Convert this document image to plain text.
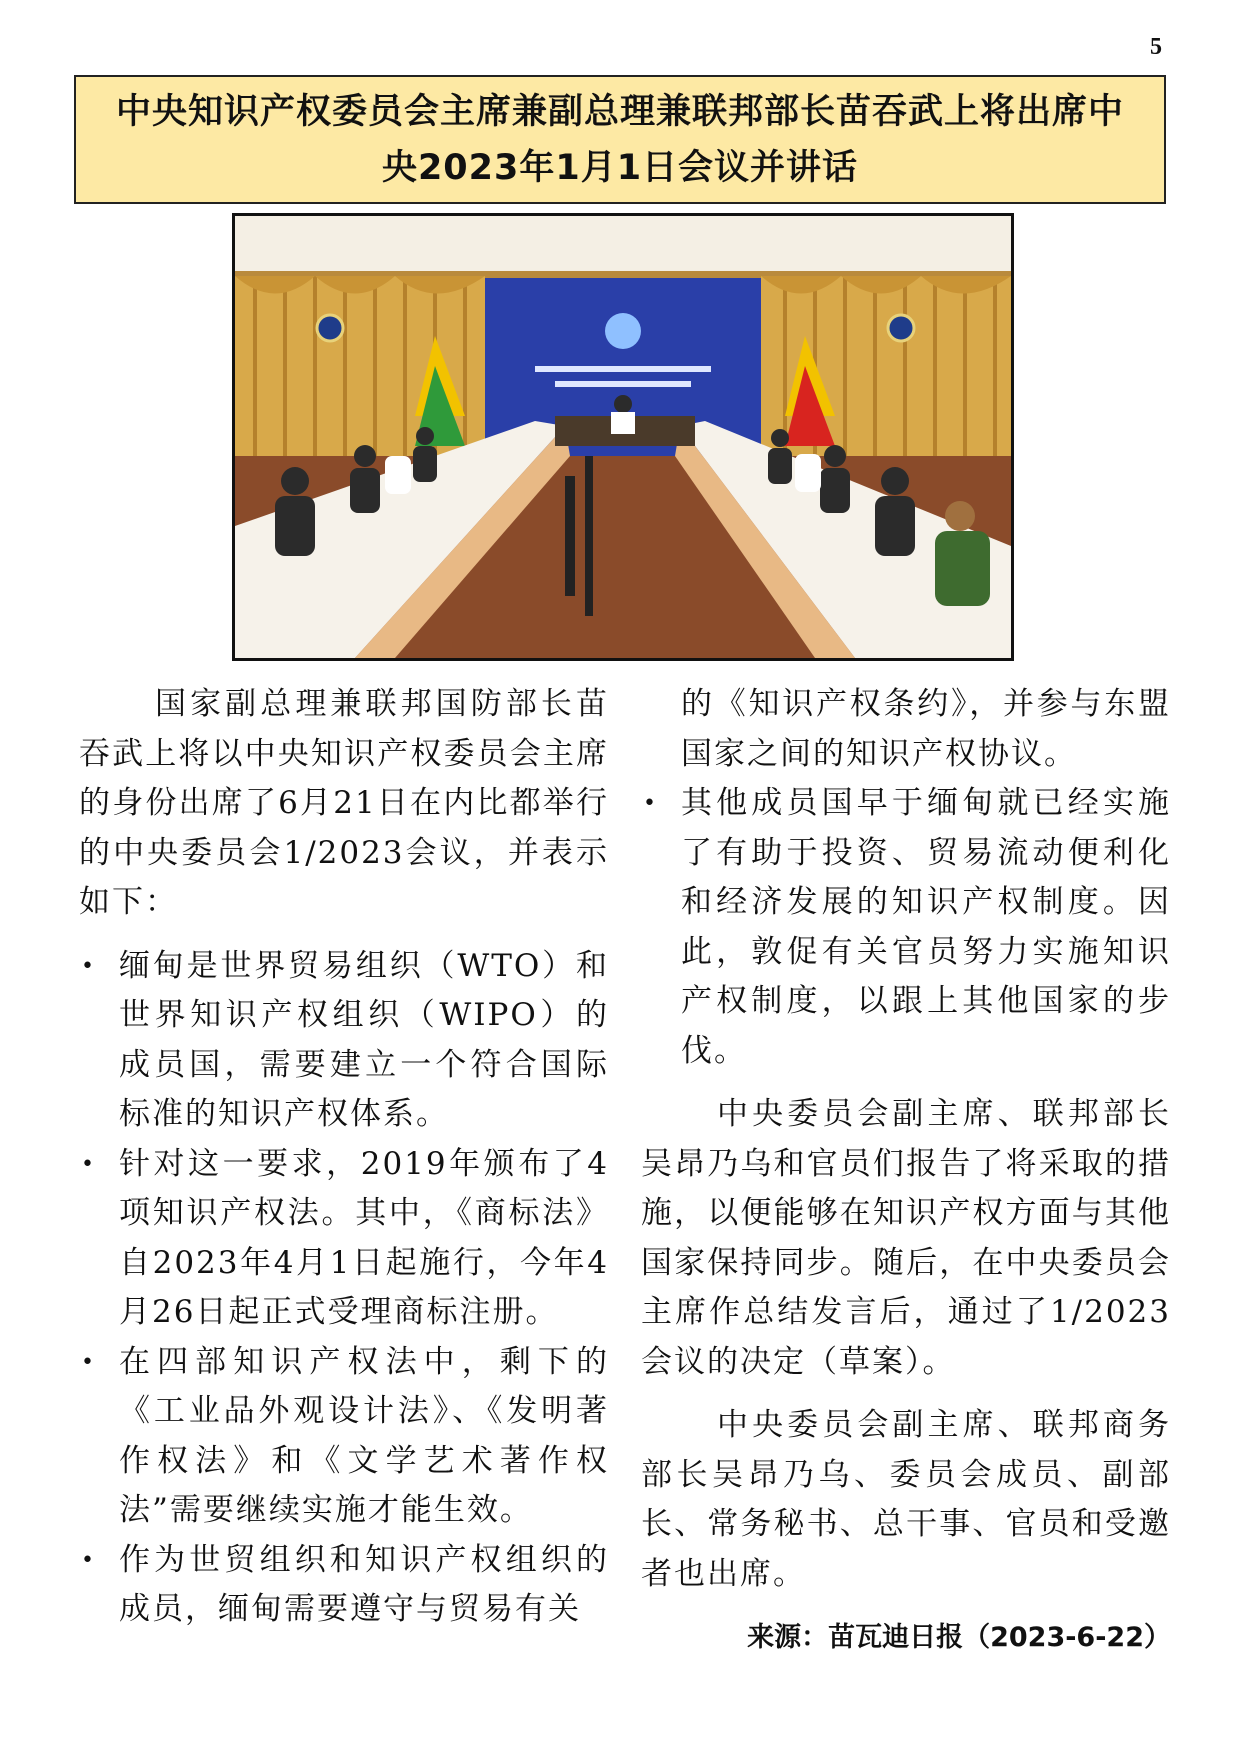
5
中央知识产权委员会主席兼副总理兼联邦部长苗吞武上将出席中
央2023年1月1日会议并讲话

国家副总理兼联邦国防部长苗吞武上将以中央知识产权委员会主席的身份出席了6月21日在内比都举行的中央委员会1/2023会议，并表示如下：

• 缅甸是世界贸易组织（WTO）和世界知识产权组织（WIPO）的成员国，需要建立一个符合国际标准的知识产权体系。
• 针对这一要求，2019年颁布了4项知识产权法。其中，《商标法》自2023年4月1日起施行，今年4月26日起正式受理商标注册。
• 在四部知识产权法中，剩下的《工业品外观设计法》、《发明著作权法》和《文学艺术著作权法”需要继续实施才能生效。
• 作为世贸组织和知识产权组织的成员，缅甸需要遵守与贸易有关
的《知识产权条约》，并参与东盟国家之间的知识产权协议。
• 其他成员国早于缅甸就已经实施了有助于投资、贸易流动便利化和经济发展的知识产权制度。因此，敦促有关官员努力实施知识产权制度，以跟上其他国家的步伐。

中央委员会副主席、联邦部长吴昂乃乌和官员们报告了将采取的措施，以便能够在知识产权方面与其他国家保持同步。随后，在中央委员会主席作总结发言后，通过了1/2023会议的决定（草案）。

中央委员会副主席、联邦商务部长吴昂乃乌、委员会成员、副部长、常务秘书、总干事、官员和受邀者也出席。

来源：苗瓦迪日报（2023-6-22）
